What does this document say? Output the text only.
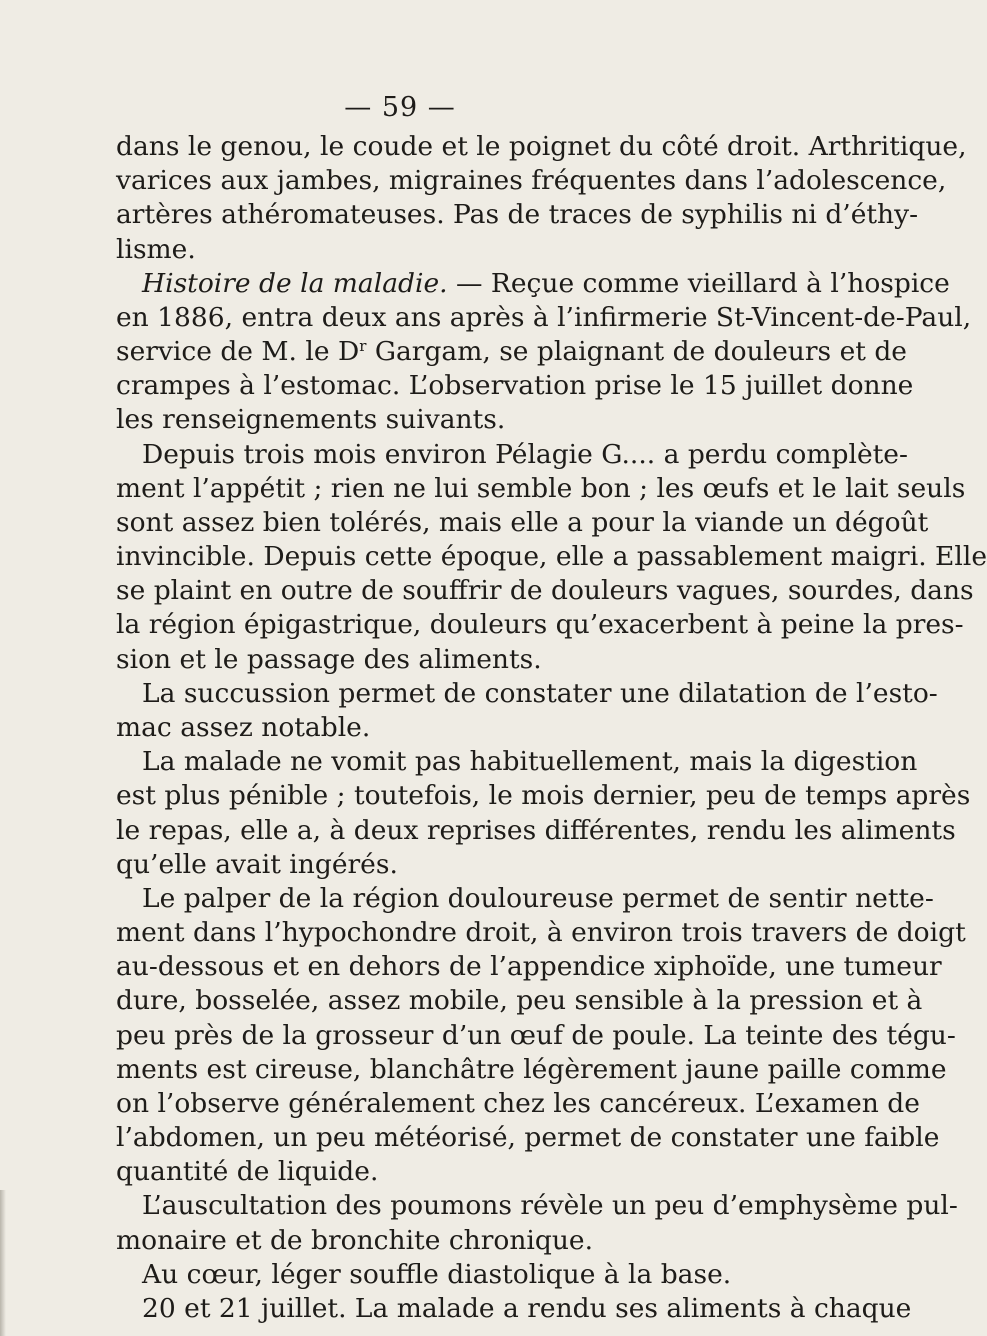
— 59 —
dans le genou, le coude et le poignet du côté droit. Arthritique,
varices aux jambes, migraines fréquentes dans l’adolescence,
artères athéromateuses. Pas de traces de syphilis ni d’éthy-
lisme.
Histoire de la maladie. — Reçue comme vieillard à l’hospice
en 1886, entra deux ans après à l’infirmerie St-Vincent-de-Paul,
service de M. le $D^r$ Gargam, se plaignant de douleurs et de
crampes à l’estomac. L’observation prise le 15 juillet donne
les renseignements suivants.
Depuis trois mois environ Pélagie G.... a perdu complète-
ment l’appétit ; rien ne lui semble bon ; les œufs et le lait seuls
sont assez bien tolérés, mais elle a pour la viande un dégoût
invincible. Depuis cette époque, elle a passablement maigri. Elle
se plaint en outre de souffrir de douleurs vagues, sourdes, dans
la région épigastrique, douleurs qu’exacerbent à peine la pres-
sion et le passage des aliments.
La succussion permet de constater une dilatation de l’esto-
mac assez notable.
La malade ne vomit pas habituellement, mais la digestion
est plus pénible ; toutefois, le mois dernier, peu de temps après
le repas, elle a, à deux reprises différentes, rendu les aliments
qu’elle avait ingérés.
Le palper de la région douloureuse permet de sentir nette-
ment dans l’hypochondre droit, à environ trois travers de doigt
au-dessous et en dehors de l’appendice xiphoïde, une tumeur
dure, bosselée, assez mobile, peu sensible à la pression et à
peu près de la grosseur d’un œuf de poule. La teinte des tégu-
ments est cireuse, blanchâtre légèrement jaune paille comme
on l’observe généralement chez les cancéreux. L’examen de
l’abdomen, un peu météorisé, permet de constater une faible
quantité de liquide.
L’auscultation des poumons révèle un peu d’emphysème pul-
monaire et de bronchite chronique.
Au cœur, léger souffle diastolique à la base.
20 et 21 juillet. La malade a rendu ses aliments à chaque
